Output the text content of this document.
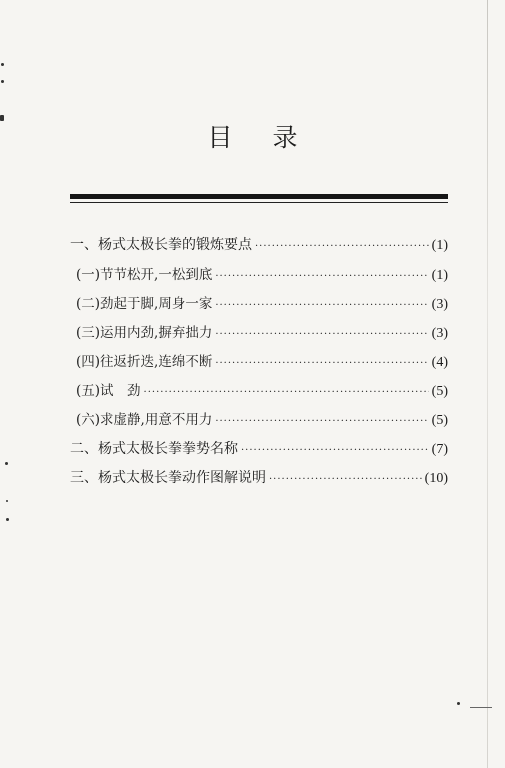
目 录
一、杨式太极长拳的锻炼要点 ·····	(1)
(一)节节松开,一松到底 ·····	(1)
(二)劲起于脚,周身一家 ·····	(3)
(三)运用内劲,摒弃拙力 ·····	(3)
(四)往返折迭,连绵不断 ·····	(4)
(五)试　劲 ·····	(5)
(六)求虚静,用意不用力 ·····	(5)
二、杨式太极长拳拳势名称 ·····	(7)
三、杨式太极长拳动作图解说明 ·····	(10)
